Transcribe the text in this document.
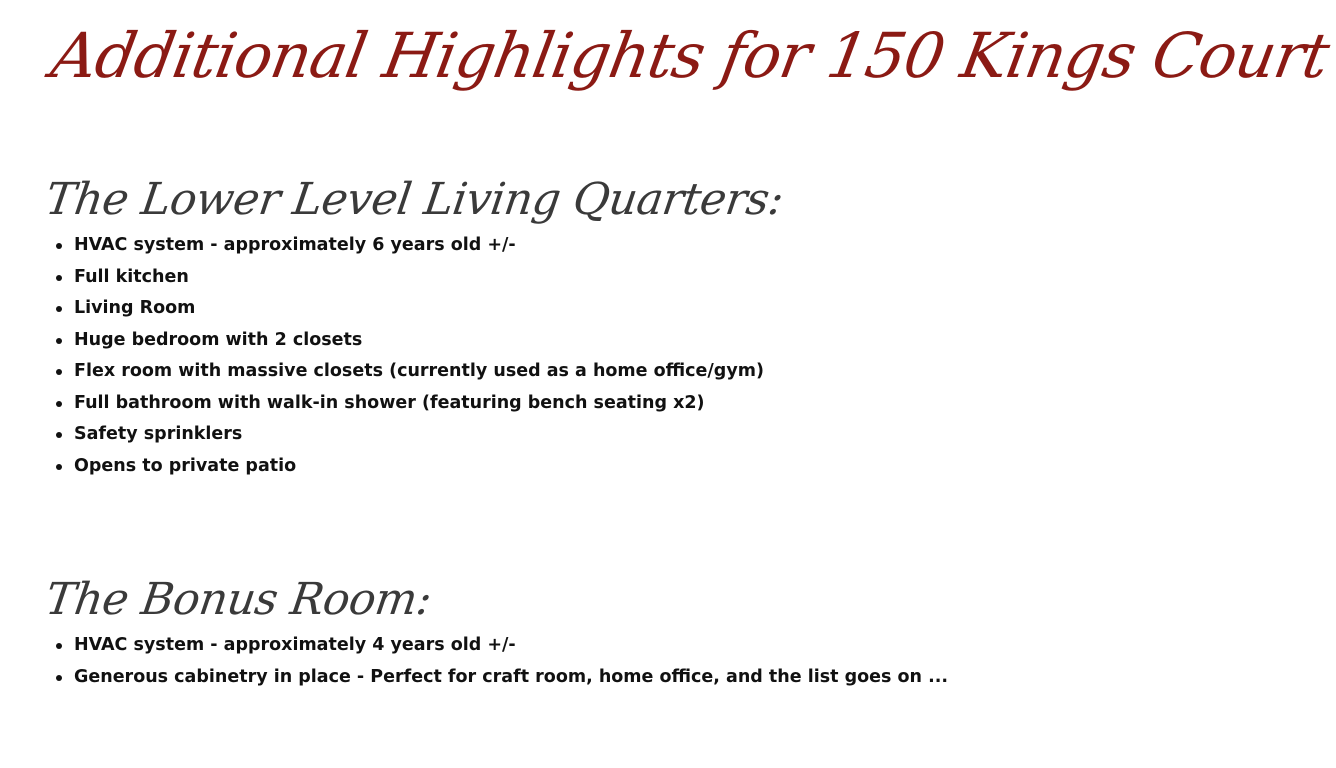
Additional Highlights for 150 Kings Court
The Lower Level Living Quarters:
HVAC system - approximately 6 years old +/-
Full kitchen
Living Room
Huge bedroom with 2 closets
Flex room with massive closets (currently used as a home office/gym)
Full bathroom with walk-in shower (featuring bench seating x2)
Safety sprinklers
Opens to private patio
The Bonus Room:
HVAC system - approximately 4 years old +/-
Generous cabinetry in place - Perfect for craft room, home office, and the list goes on ...
